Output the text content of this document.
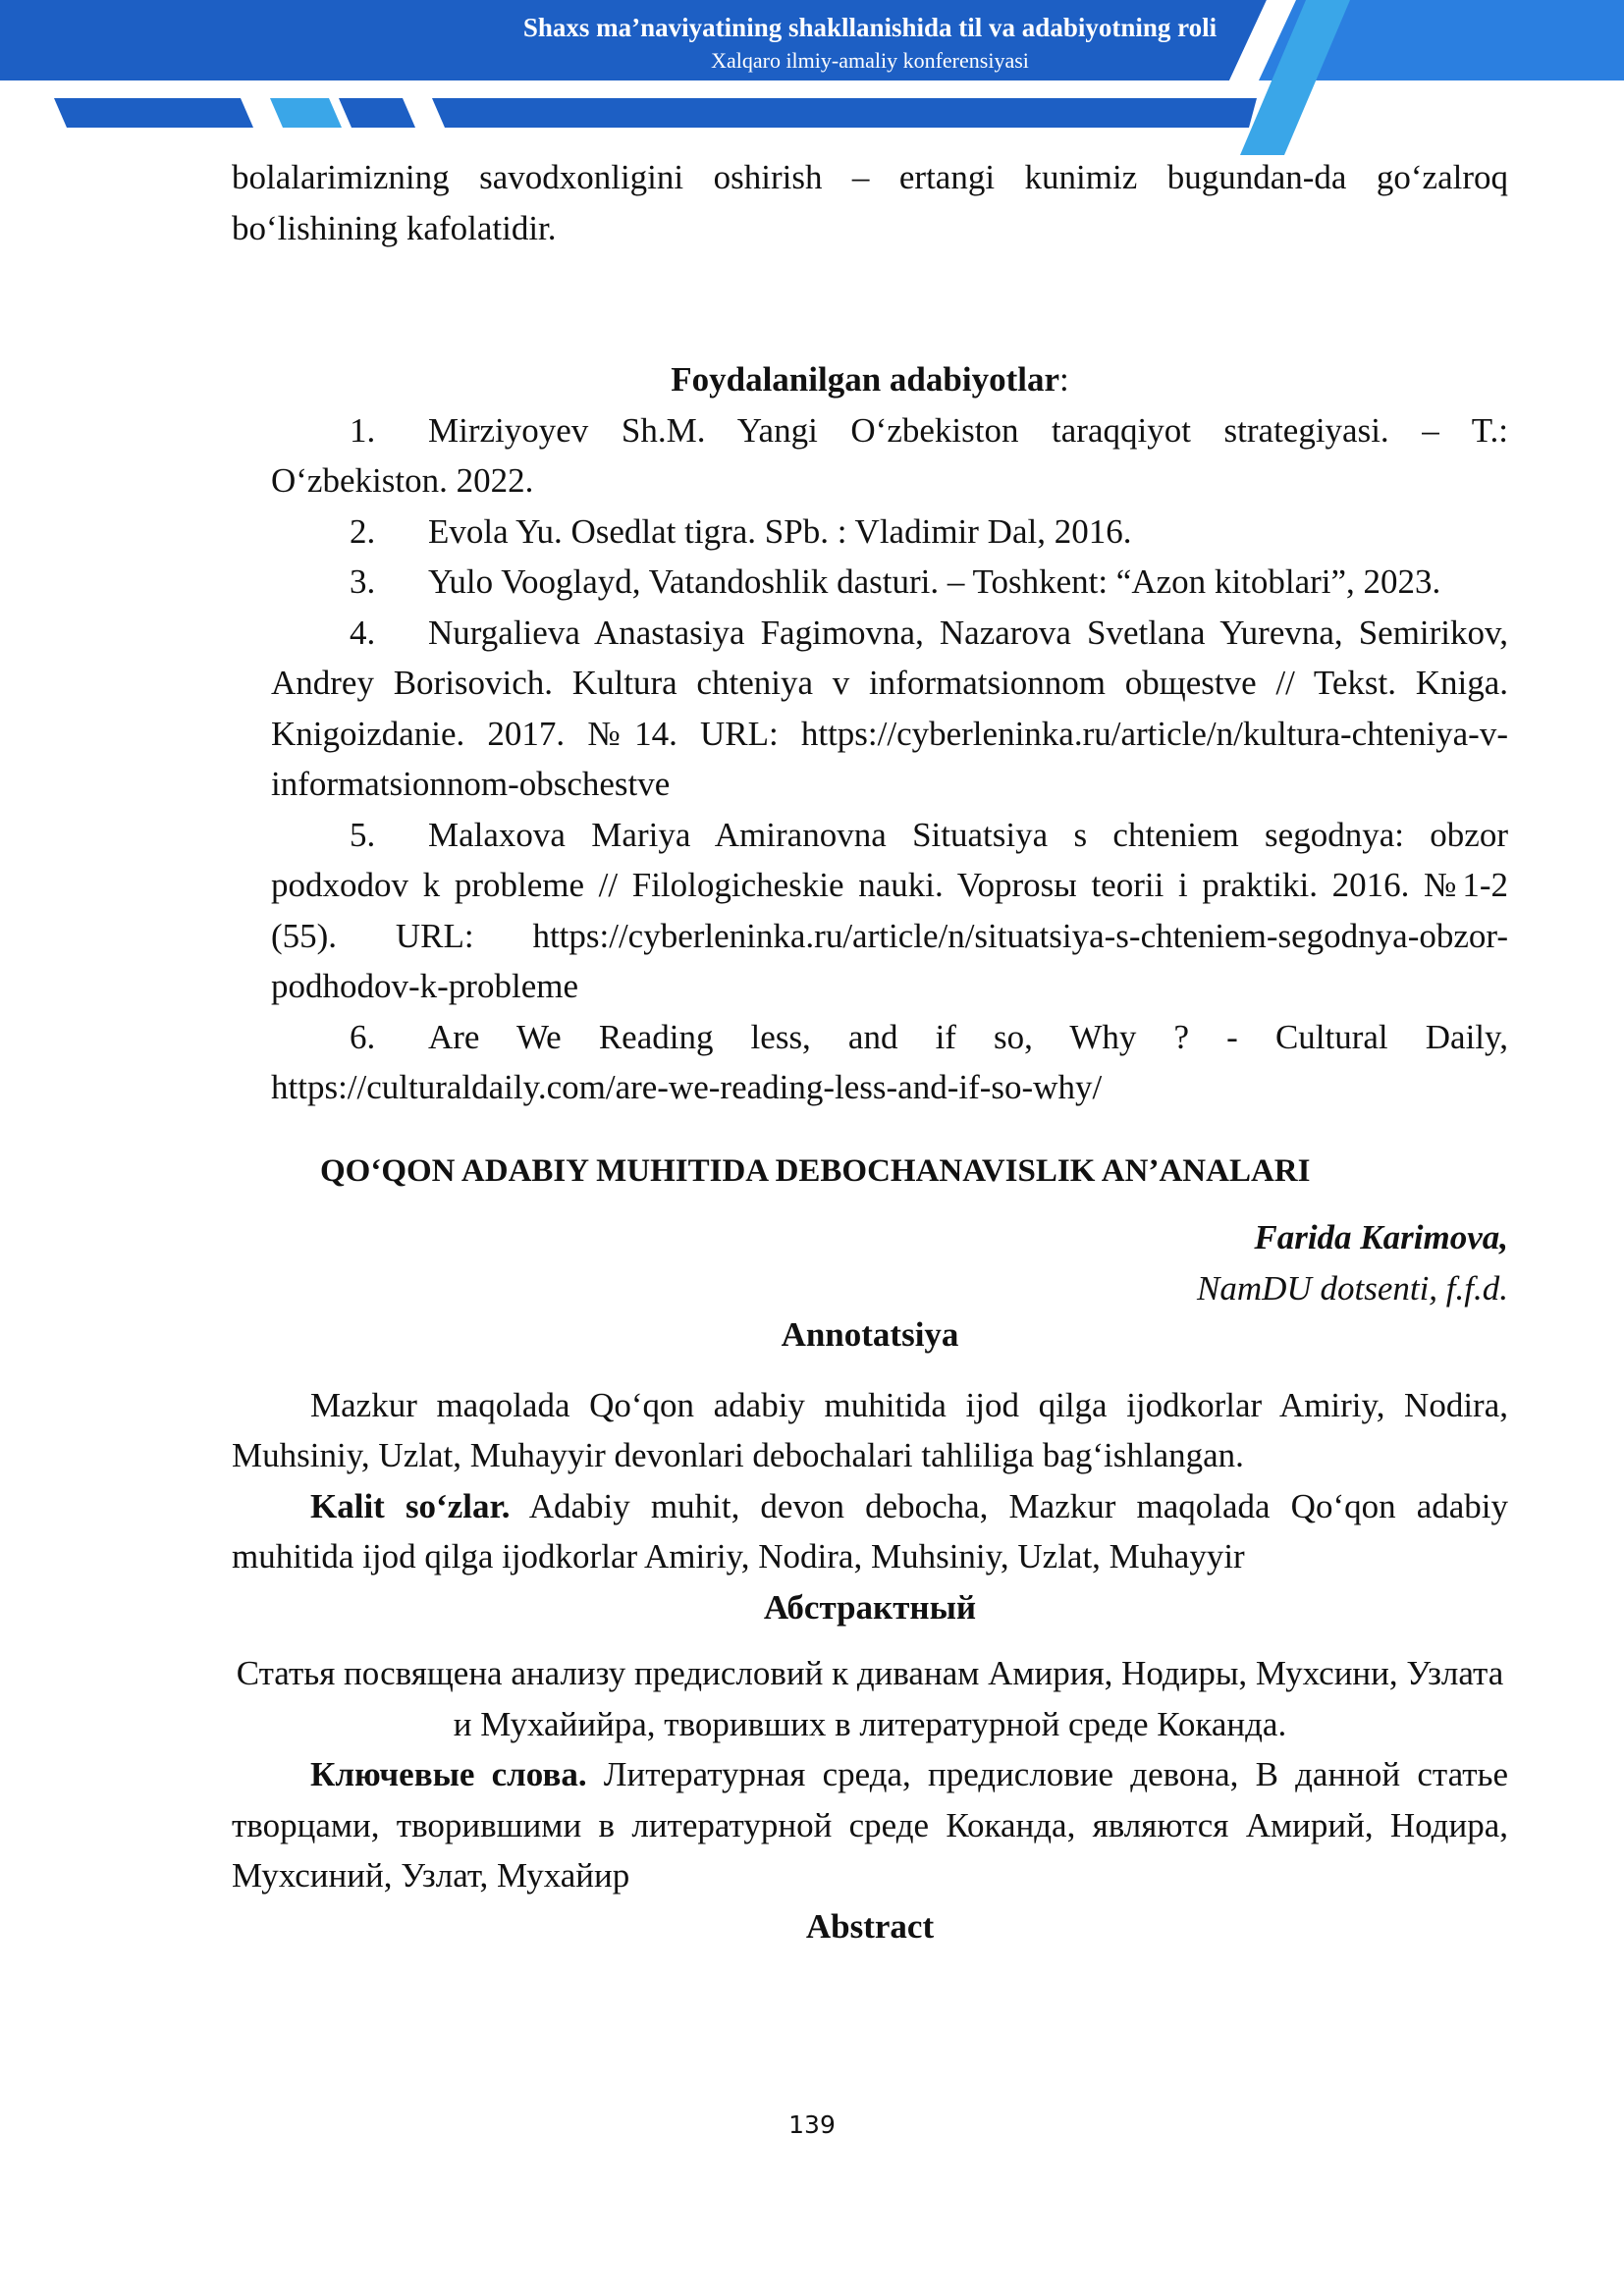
Shaxs ma’naviyatining shakllanishida til va adabiyotning roli
Xalqaro ilmiy-amaliy konferensiyasi

bolalarimizning savodxonligini oshirish – ertangi kunimiz bugundan-da go‘zalroq bo‘lishining kafolatidir.

Foydalanilgan adabiyotlar:

1. Mirziyoyev Sh.M. Yangi O‘zbekiston taraqqiyot strategiyasi. – T.: O‘zbekiston. 2022.

2. Evola Yu. Osedlat tigra. SPb. : Vladimir Dal, 2016.

3. Yulo Vooglayd, Vatandoshlik dasturi. – Toshkent: “Azon kitoblari”, 2023.

4. Nurgalieva Anastasiya Fagimovna, Nazarova Svetlana Yurevna, Semirikov, Andrey Borisovich. Kultura chteniya v informatsionnom obщestve // Tekst. Kniga. Knigoizdanie. 2017. №14. URL: https://cyberleninka.ru/article/n/kultura-chteniya-v-informatsionnom-obschestve

5. Malaxova Mariya Amiranovna Situatsiya s chteniem segodnya: obzor podxodov k probleme // Filologicheskie nauki. Voprosы teorii i praktiki. 2016. №1-2 (55). URL: https://cyberleninka.ru/article/n/situatsiya-s-chteniem-segodnya-obzor-podhodov-k-probleme

6. Are We Reading less, and if so, Why ? - Cultural Daily, https://culturaldaily.com/are-we-reading-less-and-if-so-why/

QO‘QON ADABIY MUHITIDA DEBOCHANAVISLIK AN’ANALARI

Farida Karimova,

NamDU dotsenti, f.f.d.

Annotatsiya

Mazkur maqolada Qo‘qon adabiy muhitida ijod qilga ijodkorlar Amiriy, Nodira, Muhsiniy, Uzlat, Muhayyir devonlari debochalari tahliliga bag‘ishlangan.

Kalit so‘zlar. Adabiy muhit, devon debocha, Mazkur maqolada Qo‘qon adabiy muhitida ijod qilga ijodkorlar Amiriy, Nodira, Muhsiniy, Uzlat, Muhayyir

Абстрактный

Статья посвящена анализу предисловий к диванам Амирия, Нодиры, Мухсини, Узлата и Мухайийра, творивших в литературной среде Коканда.

Ключевые слова. Литературная среда, предисловие девона, В данной статье творцами, творившими в литературной среде Коканда, являются Амирий, Нодира, Мухсиний, Узлат, Мухайир

Abstract

139
